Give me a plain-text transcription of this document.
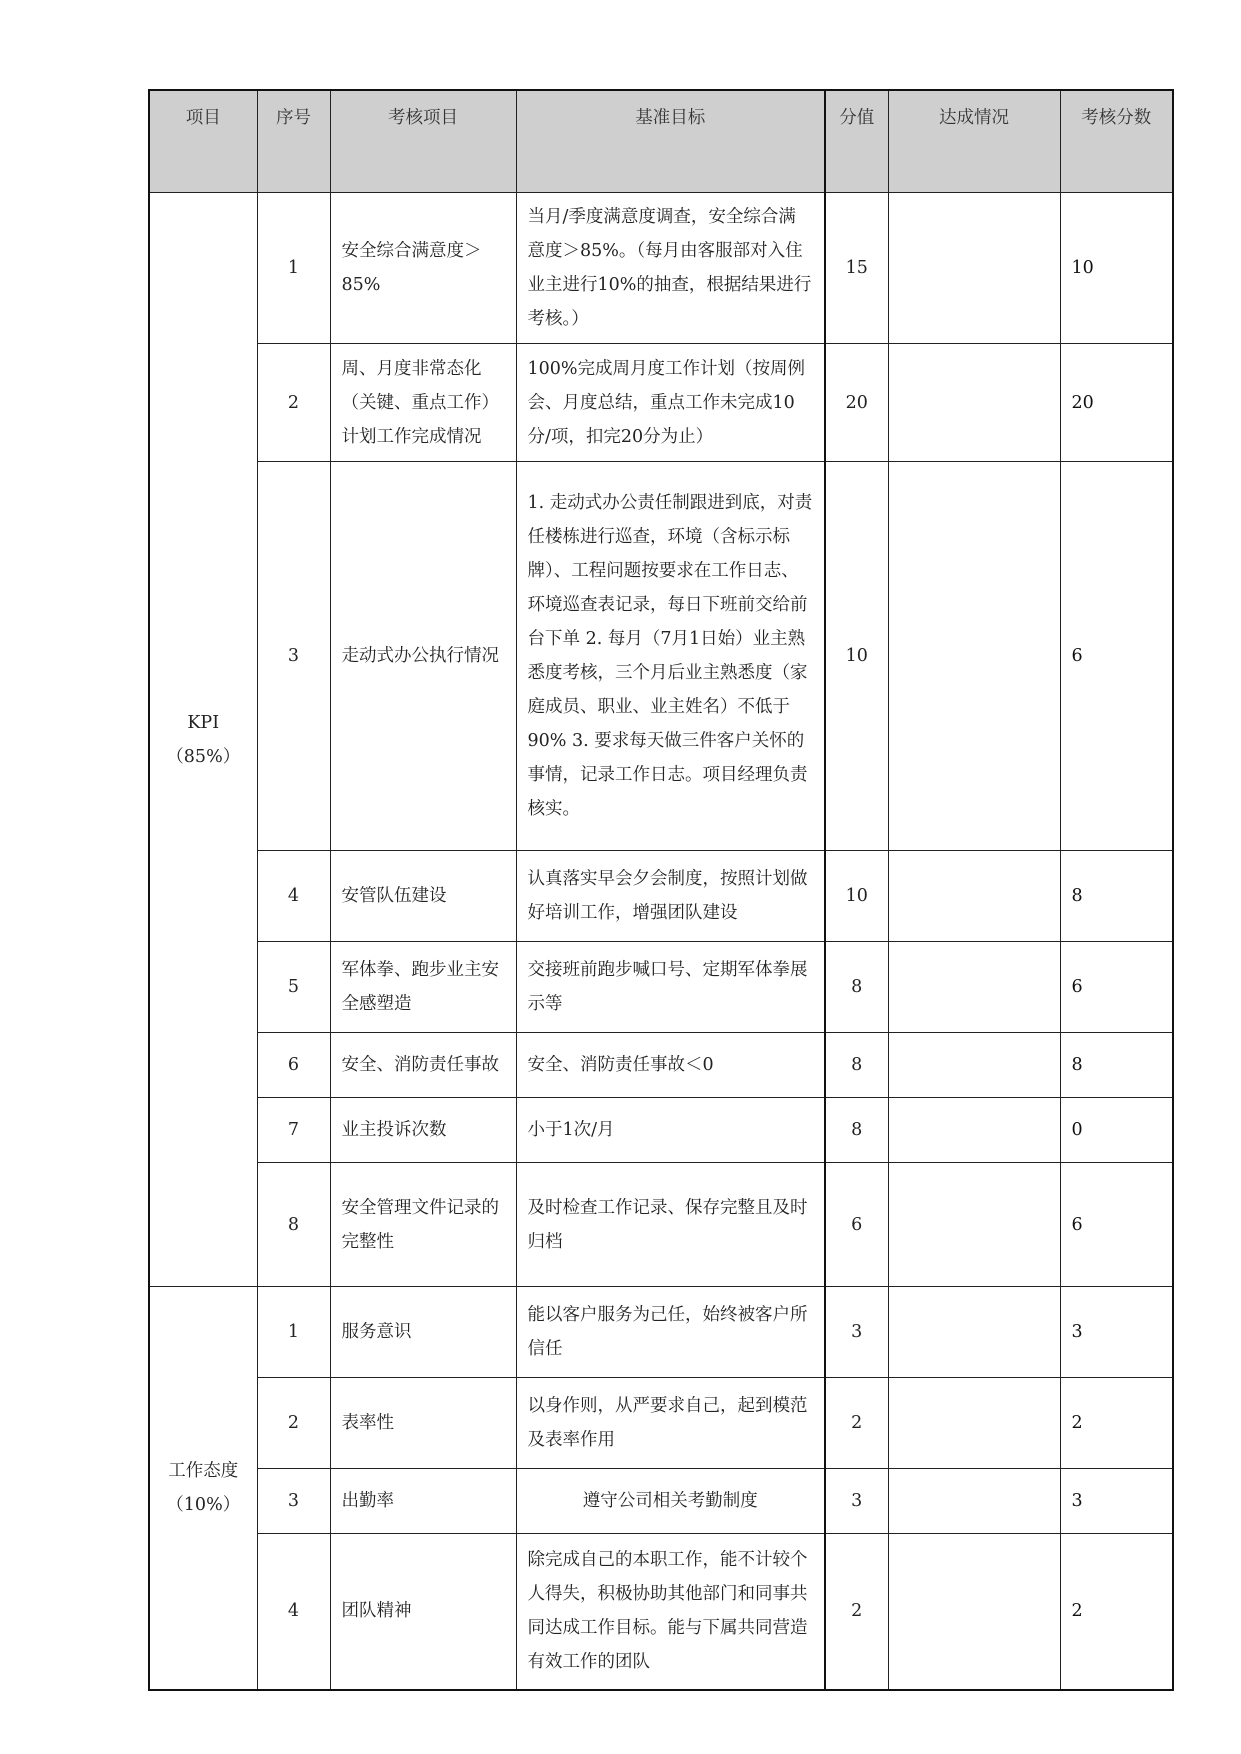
项目	序号	考核项目	基准目标	分值	达成情况	考核分数
KPI（85%）	1	安全综合满意度＞85%	当月/季度满意度调查，安全综合满意度＞85%。（每月由客服部对入住业主进行10%的抽查，根据结果进行考核。）	15		10
	2	周、月度非常态化（关键、重点工作）计划工作完成情况	100%完成周月度工作计划（按周例会、月度总结，重点工作未完成10分/项，扣完20分为止）	20		20
	3	走动式办公执行情况	1. 走动式办公责任制跟进到底，对责任楼栋进行巡查，环境（含标示标牌）、工程问题按要求在工作日志、环境巡查表记录，每日下班前交给前台下单 2. 每月（7月1日始）业主熟悉度考核，三个月后业主熟悉度（家庭成员、职业、业主姓名）不低于90% 3. 要求每天做三件客户关怀的事情，记录工作日志。项目经理负责核实。	10		6
	4	安管队伍建设	认真落实早会夕会制度，按照计划做好培训工作，增强团队建设	10		8
	5	军体拳、跑步业主安全感塑造	交接班前跑步喊口号、定期军体拳展示等	8		6
	6	安全、消防责任事故	安全、消防责任事故＜0	8		8
	7	业主投诉次数	小于1次/月	8		0
	8	安全管理文件记录的完整性	及时检查工作记录、保存完整且及时归档	6		6
工作态度（10%）	1	服务意识	能以客户服务为己任，始终被客户所信任	3		3
	2	表率性	以身作则，从严要求自己，起到模范及表率作用	2		2
	3	出勤率	遵守公司相关考勤制度	3		3
	4	团队精神	除完成自己的本职工作，能不计较个人得失，积极协助其他部门和同事共同达成工作目标。能与下属共同营造有效工作的团队	2		2
